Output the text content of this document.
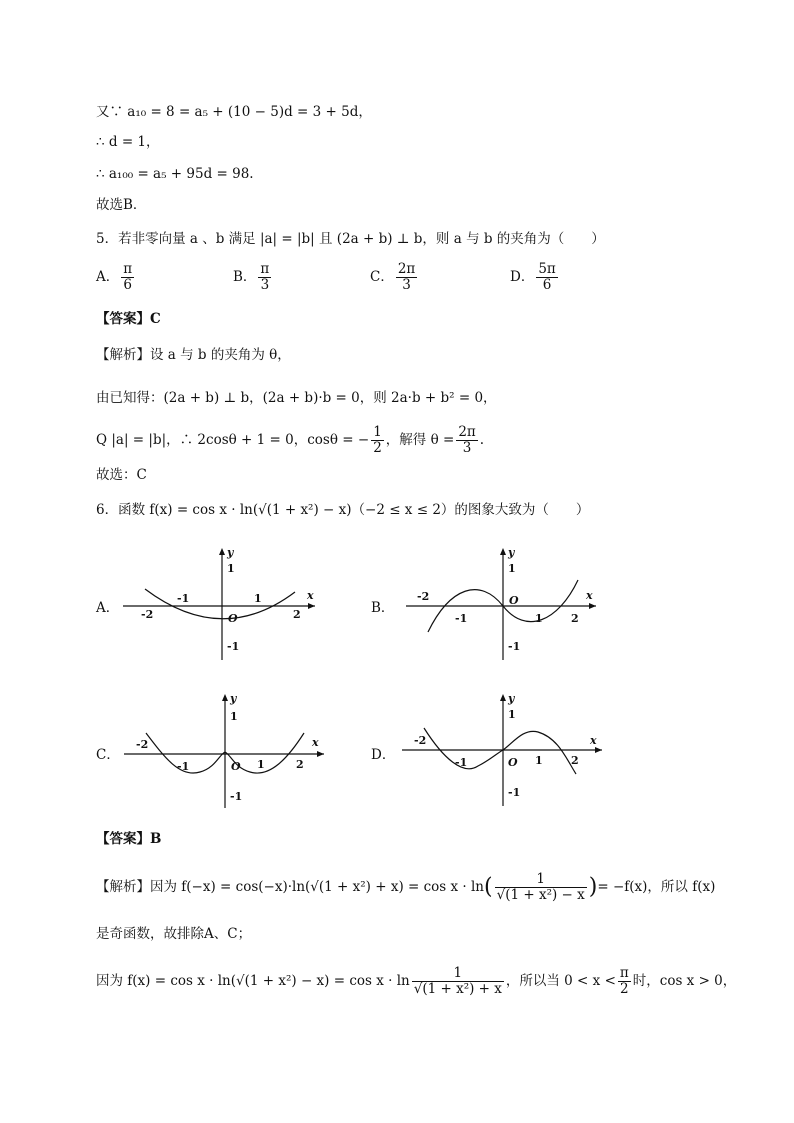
又∵ a₁₀ = 8 = a₅ + (10 − 5)d = 3 + 5d，
∴ d = 1，
∴ a₁₀₀ = a₅ + 95d = 98.
故选B．
5．若非零向量 a 、b 满足 |a| = |b| 且 (2a + b) ⊥ b，则 a 与 b 的夹角为（　　）
A． $\frac{\pi}{6}$	B． $\frac{\pi}{3}$	C． $\frac{2\pi}{3}$	D． $\frac{5\pi}{6}$
【答案】C
【解析】设 a 与 b 的夹角为 θ，
由已知得：(2a + b) ⊥ b，(2a + b)·b = 0，则 2a·b + b² = 0，
Q |a| = |b|，∴ 2cosθ + 1 = 0，cosθ = − $\frac{1}{2}$ ，解得 $\theta = \frac{2\pi}{3}$ .
故选：C
6．函数 f(x) = cos x · ln(√(1 + x²) − x)（−2 ≤ x ≤ 2）的图象大致为（　　）
A．
y
x
1
-1
O
-1	1
-2	2	B．
y
x
1
-1
O
-1	1
-2
2
C．
y
x
1
-1
O
-1	1
-2
2
D．
y
x
1
-1
O
-1	1
-2
2
【答案】B
【解析】因为 $f(-x) = \cos(-x)\cdot\ln(√(1 + x^2) + x) = \cos x \cdot \ln( \frac{1}{\text{√(1 + x²) − x}}$ )= −f(x)，所以 f(x)
是奇函数，故排除A、C；
因为 $f(x) = \cos x \cdot \ln(√(1 + x^2) - x) = \cos x \cdot \ln \frac{1}{\text{√(1 + x²) + x}}$ ，所以当 $0 < x < \frac{\pi}{2}$ 时，cos x > 0，
